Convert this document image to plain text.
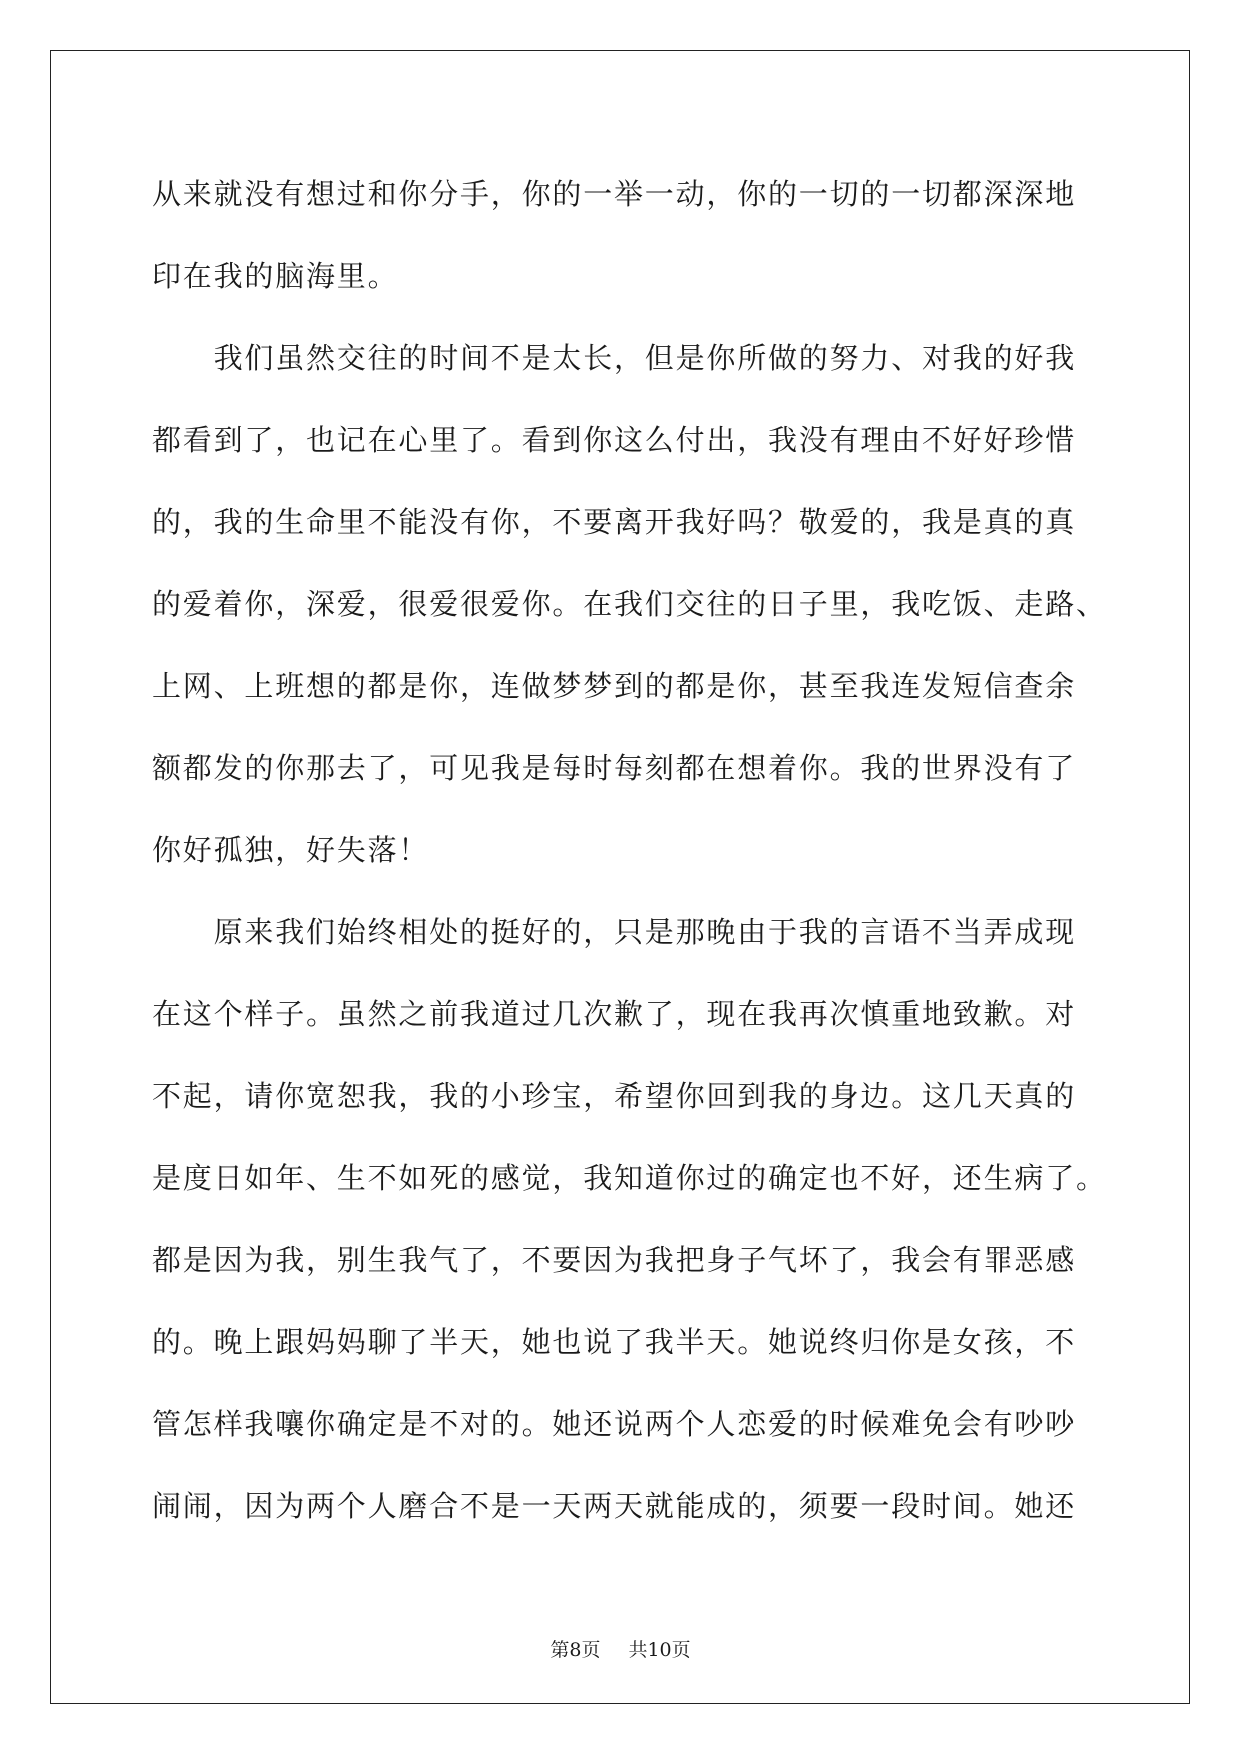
从来就没有想过和你分手，你的一举一动，你的一切的一切都深深地
印在我的脑海里。
　　我们虽然交往的时间不是太长，但是你所做的努力、对我的好我
都看到了，也记在心里了。看到你这么付出，我没有理由不好好珍惜
的，我的生命里不能没有你，不要离开我好吗？敬爱的，我是真的真
的爱着你，深爱，很爱很爱你。在我们交往的日子里，我吃饭、走路、
上网、上班想的都是你，连做梦梦到的都是你，甚至我连发短信查余
额都发的你那去了，可见我是每时每刻都在想着你。我的世界没有了
你好孤独，好失落！
　　原来我们始终相处的挺好的，只是那晚由于我的言语不当弄成现
在这个样子。虽然之前我道过几次歉了，现在我再次慎重地致歉。对
不起，请你宽恕我，我的小珍宝，希望你回到我的身边。这几天真的
是度日如年、生不如死的感觉，我知道你过的确定也不好，还生病了。
都是因为我，别生我气了，不要因为我把身子气坏了，我会有罪恶感
的。晚上跟妈妈聊了半天，她也说了我半天。她说终归你是女孩，不
管怎样我嚷你确定是不对的。她还说两个人恋爱的时候难免会有吵吵
闹闹，因为两个人磨合不是一天两天就能成的，须要一段时间。她还
第8页 共10页
